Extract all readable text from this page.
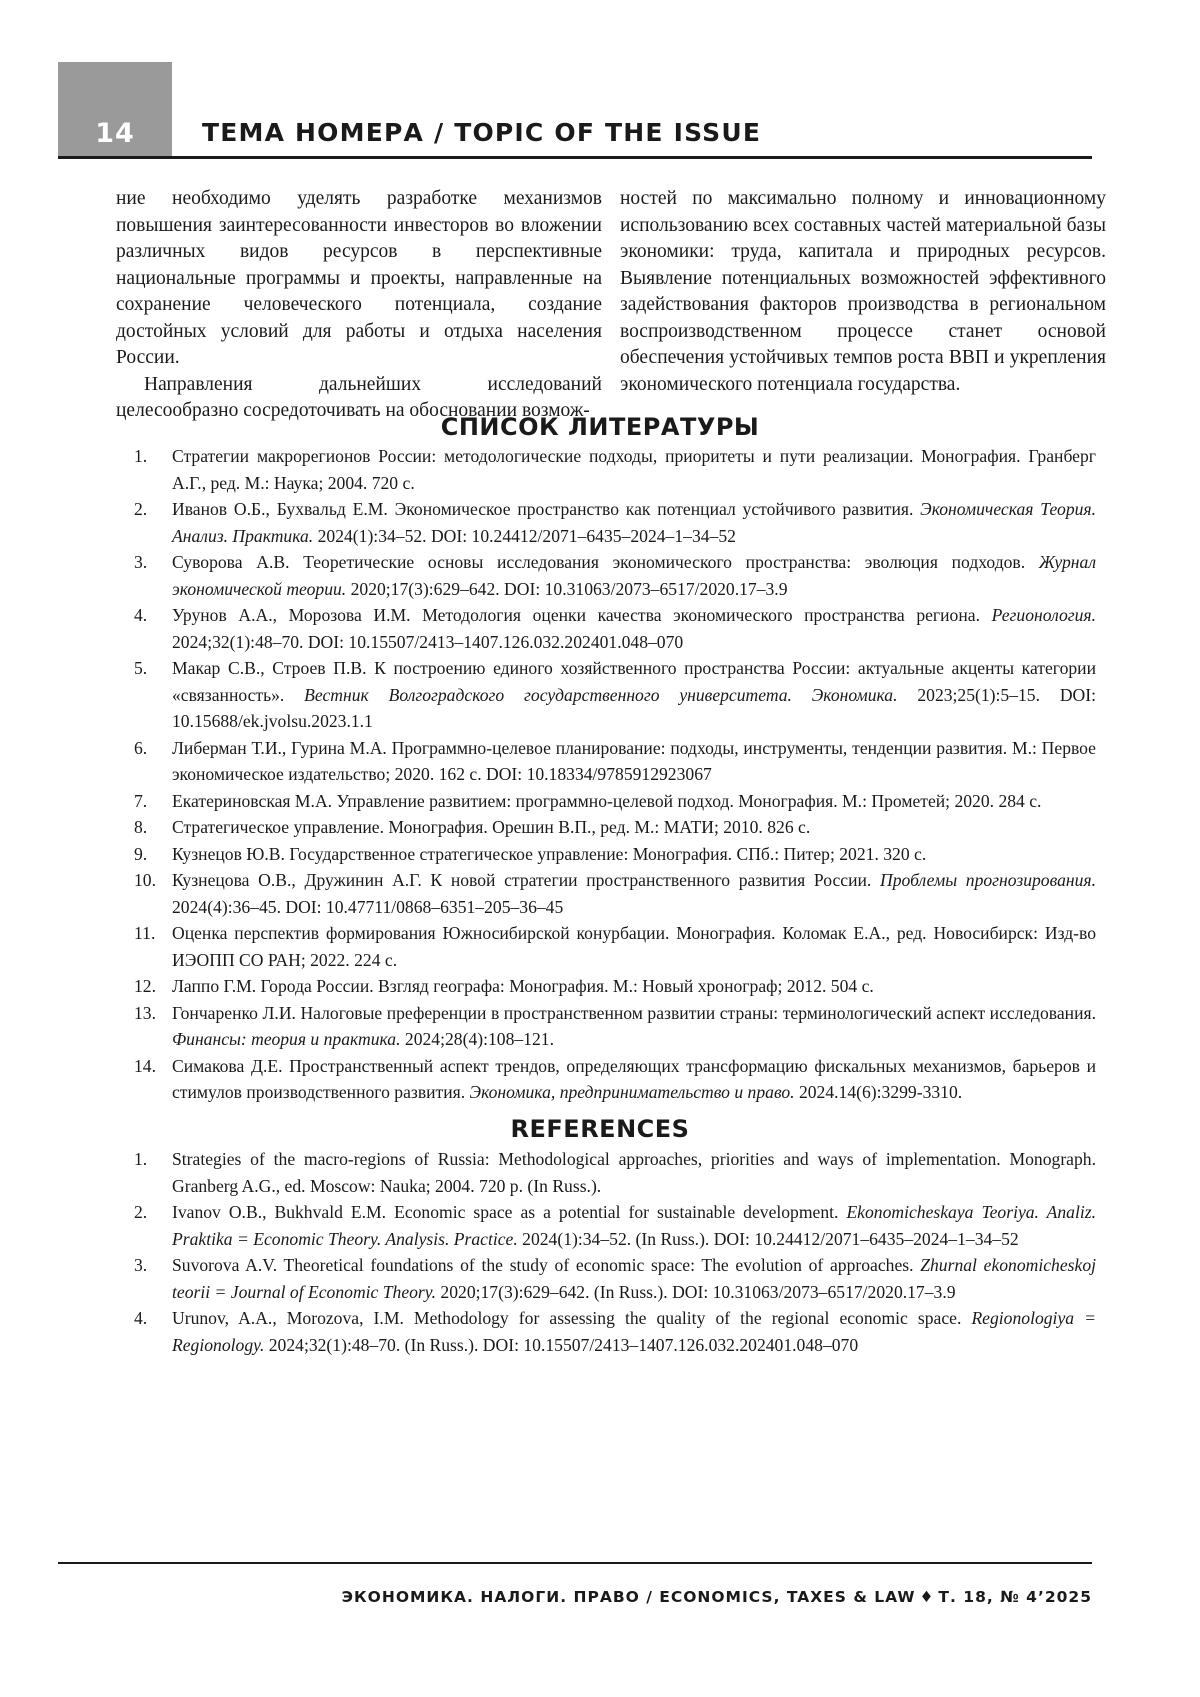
14	ТЕМА НОМЕРА / TOPIC OF THE ISSUE

ние необходимо уделять разработке механизмов повышения заинтересованности инвесторов во вложении различных видов ресурсов в перспективные национальные программы и проекты, направленные на сохранение человеческого потенциала, создание достойных условий для работы и отдыха населения России.

Направления дальнейших исследований целесообразно сосредоточивать на обосновании возмож-

ностей по максимально полному и инновационному использованию всех составных частей материальной базы экономики: труда, капитала и природных ресурсов. Выявление потенциальных возможностей эффективного задействования факторов производства в региональном воспроизводственном процессе станет основой обеспечения устойчивых темпов роста ВВП и укрепления экономического потенциала государства.

СПИСОК ЛИТЕРАТУРЫ
1. Стратегии макрорегионов России: методологические подходы, приоритеты и пути реализации. Монография. Гранберг А.Г., ред. М.: Наука; 2004. 720 с.
2. Иванов О.Б., Бухвальд Е.М. Экономическое пространство как потенциал устойчивого развития. Экономическая Теория. Анализ. Практика. 2024(1):34–52. DOI: 10.24412/2071–6435–2024–1–34–52
3. Суворова А.В. Теоретические основы исследования экономического пространства: эволюция подходов. Журнал экономической теории. 2020;17(3):629–642. DOI: 10.31063/2073–6517/2020.17–3.9
4. Урунов А.А., Морозова И.М. Методология оценки качества экономического пространства региона. Регионология. 2024;32(1):48–70. DOI: 10.15507/2413–1407.126.032.202401.048–070
5. Макар С.В., Строев П.В. К построению единого хозяйственного пространства России: актуальные акценты категории «связанность». Вестник Волгоградского государственного университета. Экономика. 2023;25(1):5–15. DOI: 10.15688/ek.jvolsu.2023.1.1
6. Либерман Т.И., Гурина М.А. Программно-целевое планирование: подходы, инструменты, тенденции развития. М.: Первое экономическое издательство; 2020. 162 с. DOI: 10.18334/9785912923067
7. Екатериновская М.А. Управление развитием: программно-целевой подход. Монография. М.: Прометей; 2020. 284 с.
8. Стратегическое управление. Монография. Орешин В.П., ред. М.: МАТИ; 2010. 826 с.
9. Кузнецов Ю.В. Государственное стратегическое управление: Монография. СПб.: Питер; 2021. 320 с.
10. Кузнецова О.В., Дружинин А.Г. К новой стратегии пространственного развития России. Проблемы прогнозирования. 2024(4):36–45. DOI: 10.47711/0868–6351–205–36–45
11. Оценка перспектив формирования Южносибирской конурбации. Монография. Коломак Е.А., ред. Новосибирск: Изд-во ИЭОПП СО РАН; 2022. 224 с.
12. Лаппо Г.М. Города России. Взгляд географа: Монография. М.: Новый хронограф; 2012. 504 с.
13. Гончаренко Л.И. Налоговые преференции в пространственном развитии страны: терминологический аспект исследования. Финансы: теория и практика. 2024;28(4):108–121.
14. Симакова Д.Е. Пространственный аспект трендов, определяющих трансформацию фискальных механизмов, барьеров и стимулов производственного развития. Экономика, предпринимательство и право. 2024.14(6):3299-3310.
REFERENCES
1. Strategies of the macro-regions of Russia: Methodological approaches, priorities and ways of implementation. Monograph. Granberg A.G., ed. Moscow: Nauka; 2004. 720 p. (In Russ.).
2. Ivanov O.B., Bukhvald E.M. Economic space as a potential for sustainable development. Ekonomicheskaya Teoriya. Analiz. Praktika = Economic Theory. Analysis. Practice. 2024(1):34–52. (In Russ.). DOI: 10.24412/2071–6435–2024–1–34–52
3. Suvorova A.V. Theoretical foundations of the study of economic space: The evolution of approaches. Zhurnal ekonomicheskoj teorii = Journal of Economic Theory. 2020;17(3):629–642. (In Russ.). DOI: 10.31063/2073–6517/2020.17–3.9
4. Urunov, A.A., Morozova, I.M. Methodology for assessing the quality of the regional economic space. Regionologiya = Regionology. 2024;32(1):48–70. (In Russ.). DOI: 10.15507/2413–1407.126.032.202401.048–070
ЭКОНОМИКА. НАЛОГИ. ПРАВО / ECONOMICS, TAXES & LAW ♦ Т. 18, № 4’2025
